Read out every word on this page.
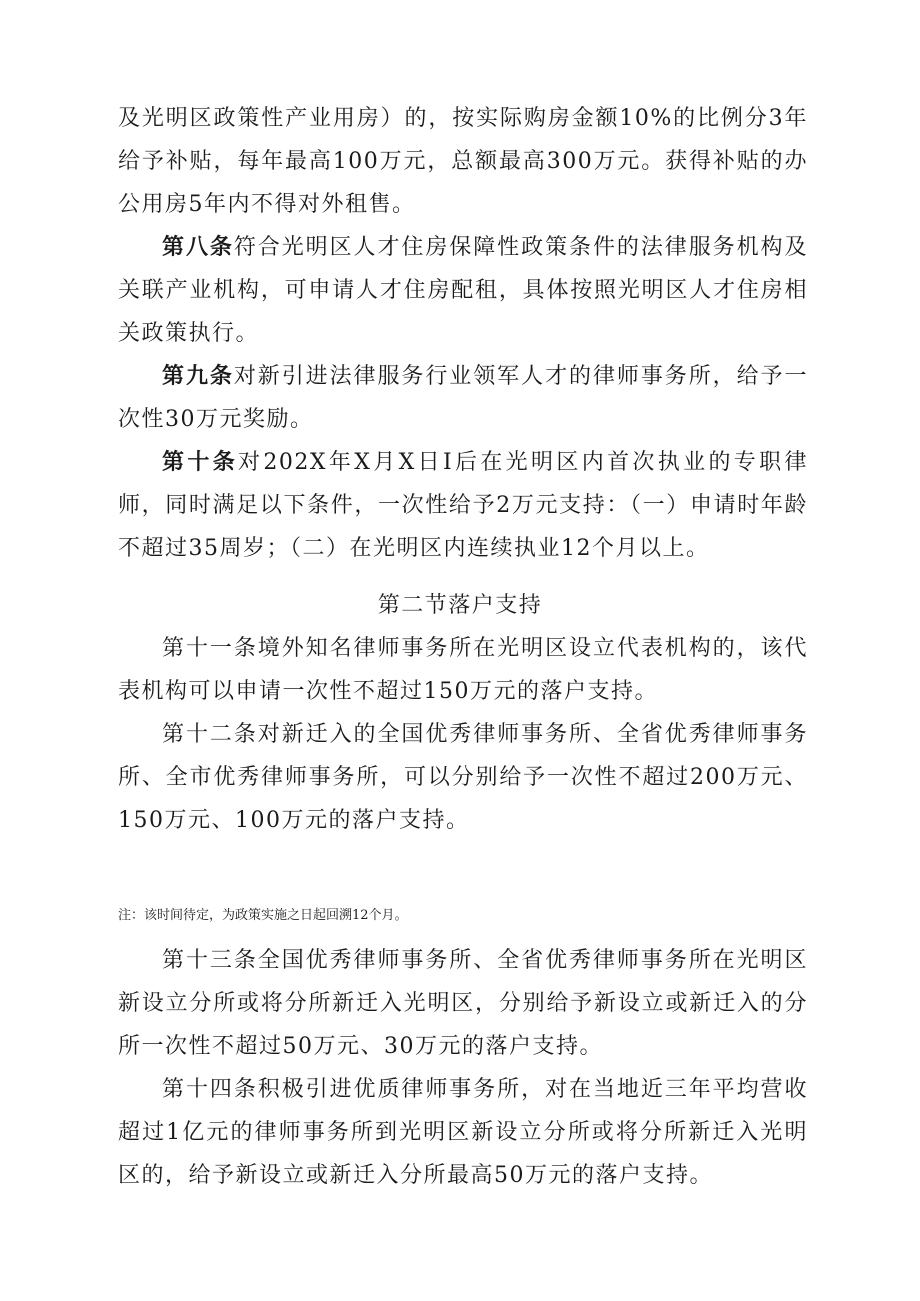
及光明区政策性产业用房）的，按实际购房金额10%的比例分3年给予补贴，每年最高100万元，总额最高300万元。获得补贴的办公用房5年内不得对外租售。

第八条符合光明区人才住房保障性政策条件的法律服务机构及关联产业机构，可申请人才住房配租，具体按照光明区人才住房相关政策执行。

第九条对新引进法律服务行业领军人才的律师事务所，给予一次性30万元奖励。

第十条对202X年X月X日I后在光明区内首次执业的专职律师，同时满足以下条件，一次性给予2万元支持：（一）申请时年龄不超过35周岁；（二）在光明区内连续执业12个月以上。

第二节落户支持

第十一条境外知名律师事务所在光明区设立代表机构的，该代表机构可以申请一次性不超过150万元的落户支持。

第十二条对新迁入的全国优秀律师事务所、全省优秀律师事务所、全市优秀律师事务所，可以分别给予一次性不超过200万元、150万元、100万元的落户支持。

注：该时间待定，为政策实施之日起回溯12个月。

第十三条全国优秀律师事务所、全省优秀律师事务所在光明区新设立分所或将分所新迁入光明区，分别给予新设立或新迁入的分所一次性不超过50万元、30万元的落户支持。

第十四条积极引进优质律师事务所，对在当地近三年平均营收超过1亿元的律师事务所到光明区新设立分所或将分所新迁入光明区的，给予新设立或新迁入分所最高50万元的落户支持。
